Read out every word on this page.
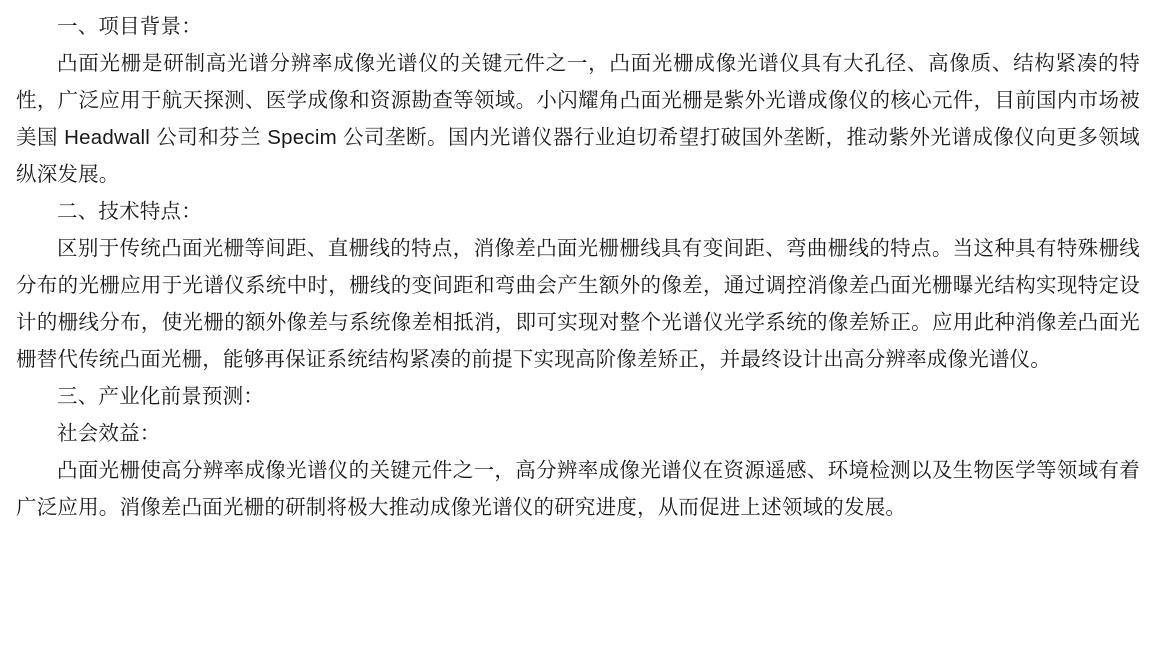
一、项目背景：

凸面光栅是研制高光谱分辨率成像光谱仪的关键元件之一，凸面光栅成像光谱仪具有大孔径、高像质、结构紧凑的特性，广泛应用于航天探测、医学成像和资源勘查等领域。小闪耀角凸面光栅是紫外光谱成像仪的核心元件，目前国内市场被美国 Headwall 公司和芬兰 Specim 公司垄断。国内光谱仪器行业迫切希望打破国外垄断，推动紫外光谱成像仪向更多领域纵深发展。

二、技术特点：

区别于传统凸面光栅等间距、直栅线的特点，消像差凸面光栅栅线具有变间距、弯曲栅线的特点。当这种具有特殊栅线分布的光栅应用于光谱仪系统中时，栅线的变间距和弯曲会产生额外的像差，通过调控消像差凸面光栅曝光结构实现特定设计的栅线分布，使光栅的额外像差与系统像差相抵消，即可实现对整个光谱仪光学系统的像差矫正。应用此种消像差凸面光栅替代传统凸面光栅，能够再保证系统结构紧凑的前提下实现高阶像差矫正，并最终设计出高分辨率成像光谱仪。

三、产业化前景预测：

社会效益：

凸面光栅使高分辨率成像光谱仪的关键元件之一，高分辨率成像光谱仪在资源遥感、环境检测以及生物医学等领域有着广泛应用。消像差凸面光栅的研制将极大推动成像光谱仪的研究进度，从而促进上述领域的发展。
